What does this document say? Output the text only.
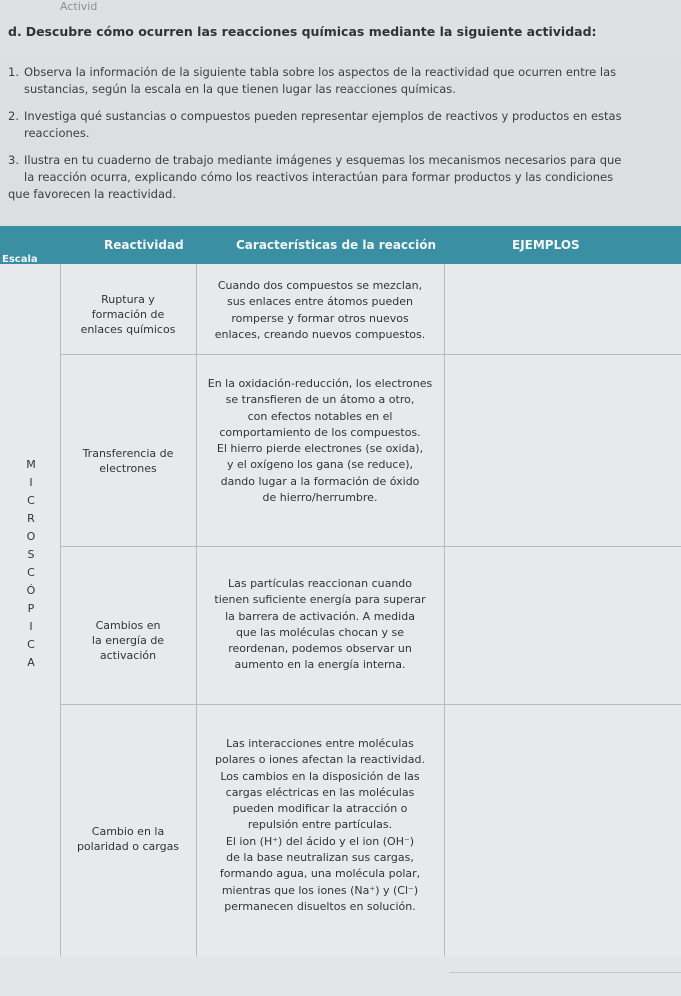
Activid
d. Descubre cómo ocurren las reacciones químicas mediante la siguiente actividad:
1. Observa la información de la siguiente tabla sobre los aspectos de la reactividad que ocurren entre las
sustancias, según la escala en la que tienen lugar las reacciones químicas.
2. Investiga qué sustancias o compuestos pueden representar ejemplos de reactivos y productos en estas
reacciones.
3. Ilustra en tu cuaderno de trabajo mediante imágenes y esquemas los mecanismos necesarios para que
la reacción ocurra, explicando cómo los reactivos interactúan para formar productos y las condiciones
que favorecen la reactividad.
Escala
Reactividad	Características de la reacción	EJEMPLOS
M
I
C
R
O
S
C
Ó
P
I
C
A
Ruptura y
formación de
enlaces químicos
Cuando dos compuestos se mezclan,
sus enlaces entre átomos pueden
romperse y formar otros nuevos
enlaces, creando nuevos compuestos.
Transferencia de
electrones
En la oxidación-reducción, los electrones
se transfieren de un átomo a otro,
con efectos notables en el
comportamiento de los compuestos.
El hierro pierde electrones (se oxida),
y el oxígeno los gana (se reduce),
dando lugar a la formación de óxido
de hierro/herrumbre.
Cambios en
la energía de
activación
Las partículas reaccionan cuando
tienen suficiente energía para superar
la barrera de activación. A medida
que las moléculas chocan y se
reordenan, podemos observar un
aumento en la energía interna.
Cambio en la
polaridad o cargas
Las interacciones entre moléculas
polares o iones afectan la reactividad.
Los cambios en la disposición de las
cargas eléctricas en las moléculas
pueden modificar la atracción o
repulsión entre partículas.
El ion (H⁺) del ácido y el ion (OH⁻)
de la base neutralizan sus cargas,
formando agua, una molécula polar,
mientras que los iones (Na⁺) y (Cl⁻)
permanecen disueltos en solución.
